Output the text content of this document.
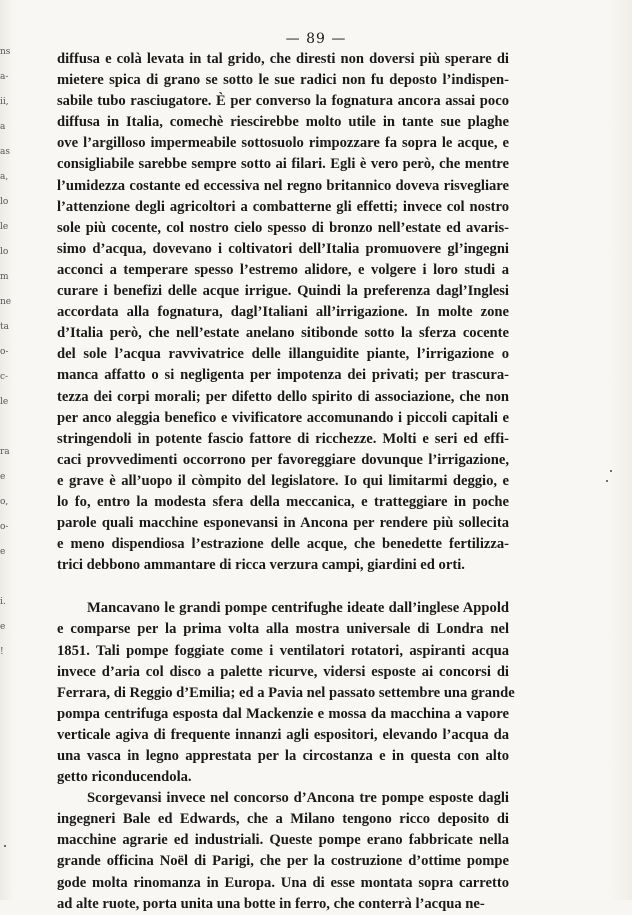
ns
a-
ii,
a
as
a,
lo
le
lo
m
ne
ta
o-
c-
le

ra
e
o,
o-
e

i.
e
!
— 89 —
diffusa e colà levata in tal grido, che diresti non doversi più sperare di
mietere spica di grano se sotto le sue radici non fu deposto l’indispen-
sabile tubo rasciugatore. È per converso la fognatura ancora assai poco
diffusa in Italia, comechè riescirebbe molto utile in tante sue plaghe
ove l’argilloso impermeabile sottosuolo rimpozzare fa sopra le acque, e
consigliabile sarebbe sempre sotto ai filari. Egli è vero però, che mentre
l’umidezza costante ed eccessiva nel regno britannico doveva risvegliare
l’attenzione degli agricoltori a combatterne gli effetti; invece col nostro
sole più cocente, col nostro cielo spesso di bronzo nell’estate ed avaris-
simo d’acqua, dovevano i coltivatori dell’Italia promuovere gl’ingegni
acconci a temperare spesso l’estremo alidore, e volgere i loro studi a
curare i benefizi delle acque irrigue. Quindi la preferenza dagl’Inglesi
accordata alla fognatura, dagl’Italiani all’irrigazione. In molte zone
d’Italia però, che nell’estate anelano sitibonde sotto la sferza cocente
del sole l’acqua ravvivatrice delle illanguidite piante, l’irrigazione o
manca affatto o si negligenta per impotenza dei privati; per trascura-
tezza dei corpi morali; per difetto dello spirito di associazione, che non
per anco aleggia benefico e vivificatore accomunando i piccoli capitali e
stringendoli in potente fascio fattore di ricchezze. Molti e seri ed effi-
caci provvedimenti occorrono per favoreggiare dovunque l’irrigazione,
e grave è all’uopo il còmpito del legislatore. Io qui limitarmi deggio, e
lo fo, entro la modesta sfera della meccanica, e tratteggiare in poche
parole quali macchine esponevansi in Ancona per rendere più sollecita
e meno dispendiosa l’estrazione delle acque, che benedette fertilizza-
trici debbono ammantare di ricca verzura campi, giardini ed orti.
Mancavano le grandi pompe centrifughe ideate dall’inglese Appold
e comparse per la prima volta alla mostra universale di Londra nel
1851. Tali pompe foggiate come i ventilatori rotatori, aspiranti acqua
invece d’aria col disco a palette ricurve, vidersi esposte ai concorsi di
Ferrara, di Reggio d’Emilia; ed a Pavia nel passato settembre una grande
pompa centrifuga esposta dal Mackenzie e mossa da macchina a vapore
verticale agiva di frequente innanzi agli espositori, elevando l’acqua da
una vasca in legno apprestata per la circostanza e in questa con alto
getto riconducendola.
Scorgevansi invece nel concorso d’Ancona tre pompe esposte dagli
ingegneri Bale ed Edwards, che a Milano tengono ricco deposito di
macchine agrarie ed industriali. Queste pompe erano fabbricate nella
grande officina Noël di Parigi, che per la costruzione d’ottime pompe
gode molta rinomanza in Europa. Una di esse montata sopra carretto
ad alte ruote, porta unita una botte in ferro, che conterrà l’acqua ne-
